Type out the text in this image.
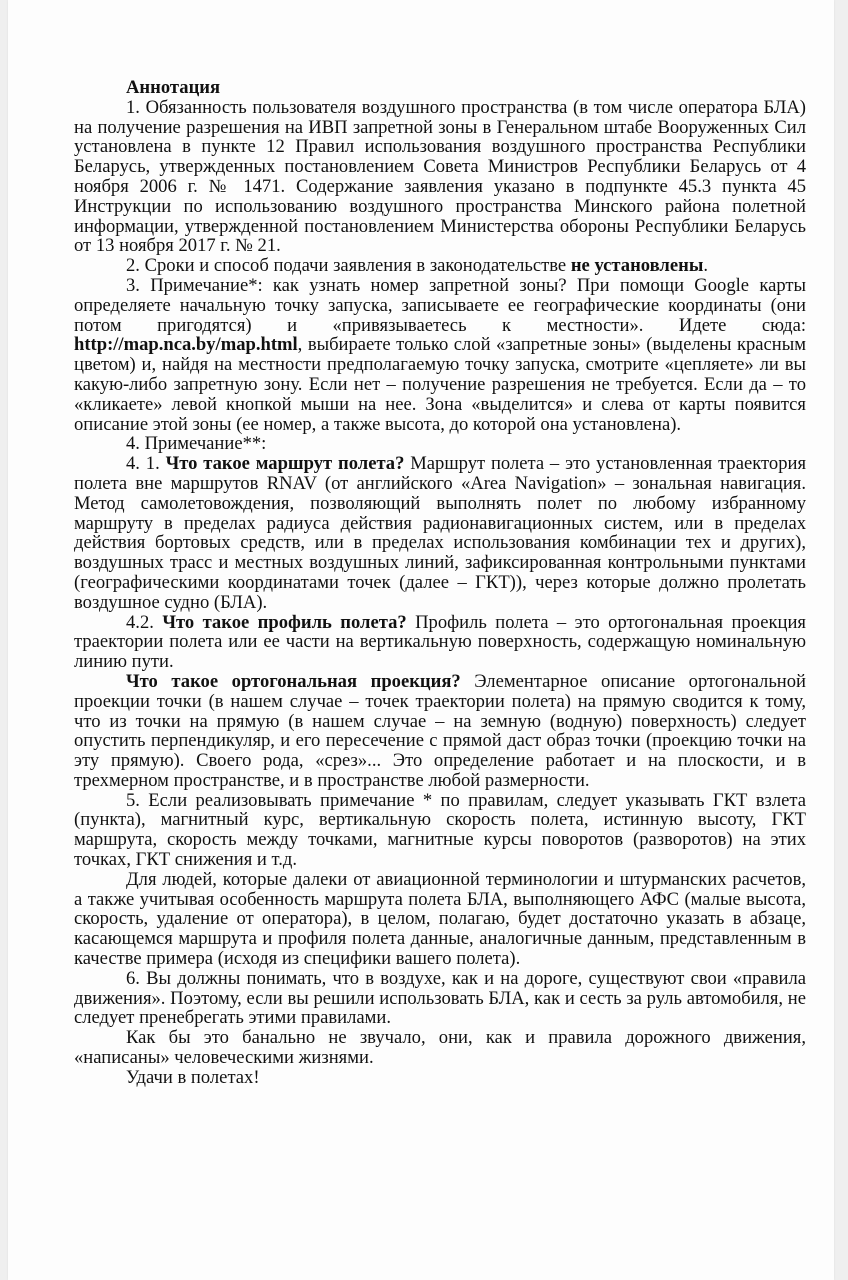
Аннотация

1. Обязанность пользователя воздушного пространства (в том числе оператора БЛА) на получение разрешения на ИВП запретной зоны в Генеральном штабе Вооруженных Сил установлена в пункте 12 Правил использования воздушного пространства Республики Беларусь, утвержденных постановлением Совета Министров Республики Беларусь от 4 ноября 2006 г. № 1471. Содержание заявления указано в подпункте 45.3 пункта 45 Инструкции по использованию воздушного пространства Минского района полетной информации, утвержденной постановлением Министерства обороны Республики Беларусь от 13 ноября 2017 г. № 21.

2. Сроки и способ подачи заявления в законодательстве не установлены.

3. Примечание*: как узнать номер запретной зоны? При помощи Google карты определяете начальную точку запуска, записываете ее географические координаты (они потом пригодятся) и «привязываетесь к местности». Идете сюда: http://map.nca.by/map.html, выбираете только слой «запретные зоны» (выделены красным цветом) и, найдя на местности предполагаемую точку запуска, смотрите «цепляете» ли вы какую-либо запретную зону. Если нет – получение разрешения не требуется. Если да – то «кликаете» левой кнопкой мыши на нее. Зона «выделится» и слева от карты появится описание этой зоны (ее номер, а также высота, до которой она установлена).

4. Примечание**:

4. 1. Что такое маршрут полета? Маршрут полета – это установленная траектория полета вне маршрутов RNAV (от английского «Area Navigation» – зональная навигация. Метод самолетовождения, позволяющий выполнять полет по любому избранному маршруту в пределах радиуса действия радионавигационных систем, или в пределах действия бортовых средств, или в пределах использования комбинации тех и других), воздушных трасс и местных воздушных линий, зафиксированная контрольными пунктами (географическими координатами точек (далее – ГКТ)), через которые должно пролетать воздушное судно (БЛА).

4.2. Что такое профиль полета? Профиль полета – это ортогональная проекция траектории полета или ее части на вертикальную поверхность, содержащую номинальную линию пути.

Что такое ортогональная проекция? Элементарное описание ортогональной проекции точки (в нашем случае – точек траектории полета) на прямую сводится к тому, что из точки на прямую (в нашем случае – на земную (водную) поверхность) следует опустить перпендикуляр, и его пересечение с прямой даст образ точки (проекцию точки на эту прямую). Своего рода, «срез»... Это определение работает и на плоскости, и в трехмерном пространстве, и в пространстве любой размерности.

5. Если реализовывать примечание * по правилам, следует указывать ГКТ взлета (пункта), магнитный курс, вертикальную скорость полета, истинную высоту, ГКТ маршрута, скорость между точками, магнитные курсы поворотов (разворотов) на этих точках, ГКТ снижения и т.д.

Для людей, которые далеки от авиационной терминологии и штурманских расчетов, а также учитывая особенность маршрута полета БЛА, выполняющего АФС (малые высота, скорость, удаление от оператора), в целом, полагаю, будет достаточно указать в абзаце, касающемся маршрута и профиля полета данные, аналогичные данным, представленным в качестве примера (исходя из специфики вашего полета).

6. Вы должны понимать, что в воздухе, как и на дороге, существуют свои «правила движения». Поэтому, если вы решили использовать БЛА, как и сесть за руль автомобиля, не следует пренебрегать этими правилами.

Как бы это банально не звучало, они, как и правила дорожного движения, «написаны» человеческими жизнями.

Удачи в полетах!
